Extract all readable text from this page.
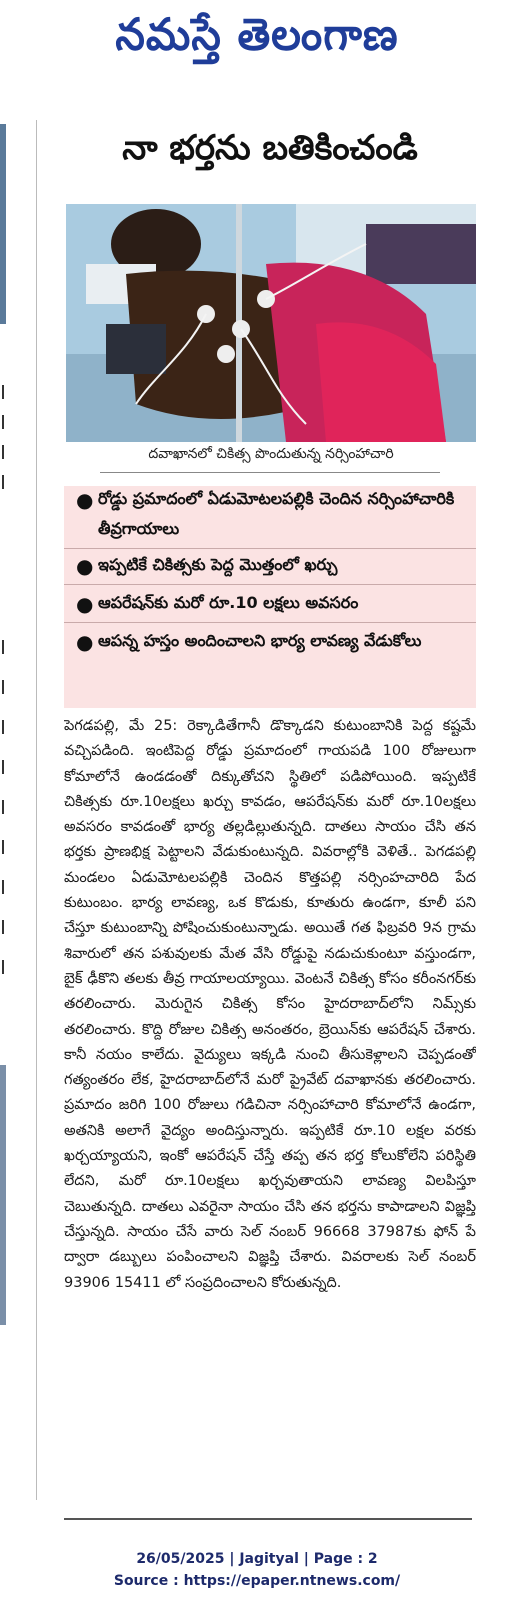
నమస్తే తెలంగాణ
నా భర్తను బతికించండి
దవాఖానలో చికిత్స పొందుతున్న నర్సింహాచారి
● రోడ్డు ప్రమాదంలో ఏడుమోటలపల్లికి చెందిన నర్సింహాచారికి తీవ్రగాయాలు
● ఇప్పటికే చికిత్సకు పెద్ద మొత్తంలో ఖర్చు
● ఆపరేషన్‌కు మరో రూ.10 లక్షలు అవసరం
● ఆపన్న హస్తం అందించాలని భార్య లావణ్య వేడుకోలు
పెగడపల్లి, మే 25: రెక్కాడితేగానీ డొక్కాడని కుటుంబానికి పెద్ద కష్టమే వచ్చిపడింది. ఇంటిపెద్ద రోడ్డు ప్రమాదంలో గాయపడి 100 రోజులుగా కోమాలోనే ఉండడంతో దిక్కుతోచని స్థితిలో పడిపోయింది. ఇప్పటికే చికిత్సకు రూ.10లక్షలు ఖర్చు కావడం, ఆపరేషన్‌కు మరో రూ.10లక్షలు అవసరం కావడంతో భార్య తల్లడిల్లుతున్నది. దాతలు సాయం చేసి తన భర్తకు ప్రాణభిక్ష పెట్టాలని వేడుకుంటున్నది. వివరాల్లోకి వెళితే.. పెగడపల్లి మండలం ఏడుమోటలపల్లికి చెందిన కొత్తపల్లి నర్సింహచారిది పేద కుటుంబం. భార్య లావణ్య, ఒక కొడుకు, కూతురు ఉండగా, కూలీ పని చేస్తూ కుటుంబాన్ని పోషించుకుంటున్నాడు. అయితే గత ఫిబ్రవరి 9న గ్రామ శివారులో తన పశువులకు మేత వేసి రోడ్డుపై నడుచుకుంటూ వస్తుండగా, బైక్ ఢీకొని తలకు తీవ్ర గాయాలయ్యాయి. వెంటనే చికిత్స కోసం కరీంనగర్‌కు తరలించారు. మెరుగైన చికిత్స కోసం హైదరాబాద్‌లోని నిమ్స్‌కు తరలించారు. కొద్ది రోజుల చికిత్స అనంతరం, బ్రెయిన్‌కు ఆపరేషన్ చేశారు. కానీ నయం కాలేదు. వైద్యులు ఇక్కడి నుంచి తీసుకెళ్లాలని చెప్పడంతో గత్యంతరం లేక, హైదరాబాద్‌లోనే మరో ప్రైవేట్ దవాఖానకు తరలించారు. ప్రమాదం జరిగి 100 రోజులు గడిచినా నర్సింహాచారి కోమాలోనే ఉండగా, అతనికి అలాగే వైద్యం అందిస్తున్నారు. ఇప్పటికే రూ.10 లక్షల వరకు ఖర్చయ్యాయని, ఇంకో ఆపరేషన్ చేస్తే తప్ప తన భర్త కోలుకోలేని పరిస్థితి లేదని, మరో రూ.10లక్షలు ఖర్చవుతాయని లావణ్య విలపిస్తూ చెబుతున్నది. దాతలు ఎవరైనా సాయం చేసి తన భర్తను కాపాడాలని విజ్ఞప్తి చేస్తున్నది. సాయం చేసే వారు సెల్ నంబర్ 96668 37987కు ఫోన్ పే ద్వారా డబ్బులు పంపించాలని విజ్ఞప్తి చేశారు. వివరాలకు సెల్ నంబర్ 93906 15411 లో సంప్రదించాలని కోరుతున్నది.
26/05/2025 | Jagityal | Page : 2
Source : https://epaper.ntnews.com/
